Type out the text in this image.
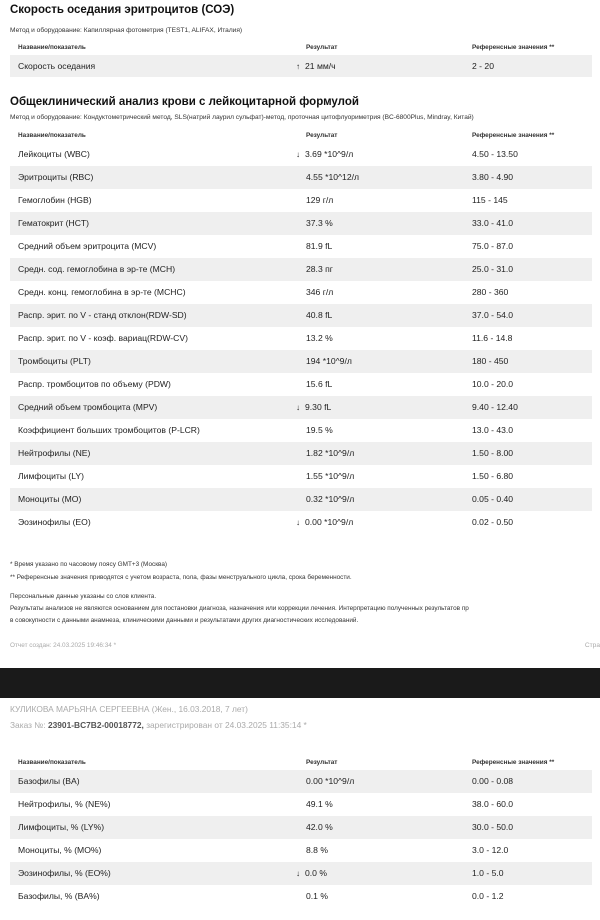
Скорость оседания эритроцитов (СОЭ)
Метод и оборудование: Капиллярная фотометрия (TEST1, ALIFAX, Италия)
Название/показатель	Результат	Референсные значения **
Скорость оседания	↑ 21 мм/ч	2 - 20
Общеклинический анализ крови с лейкоцитарной формулой
Метод и оборудование: Кондуктометрический метод, SLS(натрий лаурил сульфат)-метод, проточная цитофлуориметрия (BC-6800Plus, Mindray, Китай)
Название/показатель	Результат	Референсные значения **
Лейкоциты (WBC)	↓ 3.69 *10^9/л	4.50 - 13.50
Эритроциты (RBC)	4.55 *10^12/л	3.80 - 4.90
Гемоглобин (HGB)	129 г/л	115 - 145
Гематокрит (HCT)	37.3 %	33.0 - 41.0
Средний объем эритроцита (MCV)	81.9 fL	75.0 - 87.0
Средн. сод. гемоглобина в эр-те (MCH)	28.3 пг	25.0 - 31.0
Средн. конц. гемоглобина в эр-те (MCHC)	346 г/л	280 - 360
Распр. эрит. по V - станд отклон(RDW-SD)	40.8 fL	37.0 - 54.0
Распр. эрит. по V - коэф. вариац(RDW-CV)	13.2 %	11.6 - 14.8
Тромбоциты (PLT)	194 *10^9/л	180 - 450
Распр. тромбоцитов по объему (PDW)	15.6 fL	10.0 - 20.0
Средний объем тромбоцита (MPV)	↓ 9.30 fL	9.40 - 12.40
Коэффициент больших тромбоцитов (P-LCR)	19.5 %	13.0 - 43.0
Нейтрофилы (NE)	1.82 *10^9/л	1.50 - 8.00
Лимфоциты (LY)	1.55 *10^9/л	1.50 - 6.80
Моноциты (MO)	0.32 *10^9/л	0.05 - 0.40
Эозинофилы (EO)	↓ 0.00 *10^9/л	0.02 - 0.50
* Время указано по часовому поясу GMT+3 (Москва)
** Референсные значения приводятся с учетом возраста, пола, фазы менструального цикла, срока беременности.
Персональные данные указаны со слов клиента.
Результаты анализов не являются основанием для постановки диагноза, назначения или коррекции лечения. Интерпретацию полученных результатов пр
в совокупности с данными анамнеза, клиническими данными и результатами других диагностических исследований.
Отчет создан: 24.03.2025 19:46:34 *	Стра
КУЛИКОВА МАРЬЯНА СЕРГЕЕВНА (Жен., 16.03.2018, 7 лет)
Заказ №: 23901-BC7B2-00018772, зарегистрирован от 24.03.2025 11:35:14 *
Название/показатель	Результат	Референсные значения **
Базофилы (BA)	0.00 *10^9/л	0.00 - 0.08
Нейтрофилы, % (NE%)	49.1 %	38.0 - 60.0
Лимфоциты, % (LY%)	42.0 %	30.0 - 50.0
Моноциты, % (MO%)	8.8 %	3.0 - 12.0
Эозинофилы, % (EO%)	↓ 0.0 %	1.0 - 5.0
Базофилы, % (BA%)	0.1 %	0.0 - 1.2
